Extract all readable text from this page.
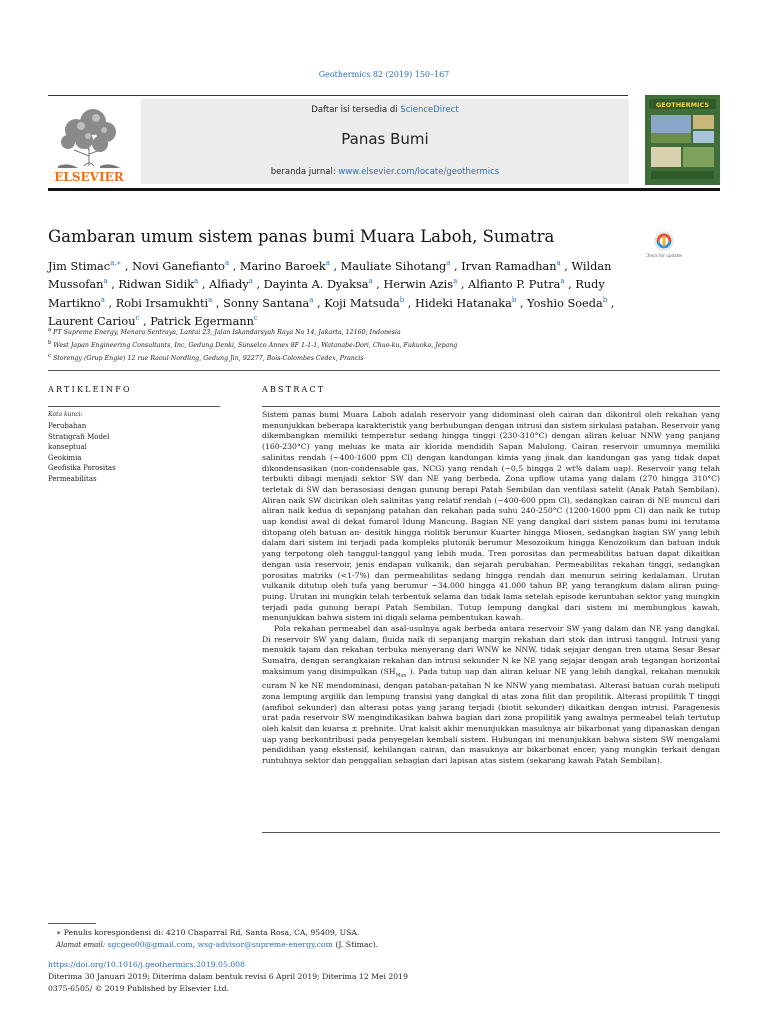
Geothermics 82 (2019) 150–167
ELSEVIER
Daftar isi tersedia di ScienceDirect
Panas Bumi
beranda jurnal: www.elsevier.com/locate/geothermics
GEOTHERMICS
Gambaran umum sistem panas bumi Muara Laboh, Sumatra
Check for updates
Jim Stimac$^{a,∗}$ , Novi Ganefianto$^a$ , Marino Baroek$^a$ , Mauliate Sihotang$^a$ , Irvan Ramadhan$^a$ , Wildan Mussofan$^a$ , Ridwan Sidik$^a$ , Alfiady$^a$ , Dayinta A. Dyaksa$^a$ , Herwin Azis$^a$ , Alfianto P. Putra$^a$ , Rudy Martikno$^a$ , Robi Irsamukhti$^a$ , Sonny Santana$^a$ , Koji Matsuda$^b$ , Hideki Hatanaka$^b$ , Yoshio Soeda$^b$ , Laurent Cariou$^c$ , Patrick Egermann$^c$
$^a$ PT Supreme Energy, Menara Sentraya, Lantai 23, Jalan Iskandarsyah Raya No 14, Jakarta, 12160, Indonesia
$^b$ West Japan Engineering Consultants, Inc, Gedung Denki, Sunselco Annex 8F 1-1-1, Watanabe-Dori, Chuo-ku, Fukuoka, Jepang
$^c$ Storengy (Grup Engie) 12 rue Raoul Nordling, Gedung Jin, 92277, Bois-Colombes Cedex, Prancis
ARTIKLEINFO	ABSTRACT
Kata kunci:
Perubahan
Stratigrafi Model
konseptual
Geokimia
Geofisika Porositas
Permeabilitas

Sistem panas bumi Muara Laboh adalah reservoir yang didominasi oleh cairan dan dikontrol oleh rekahan yang menunjukkan beberapa karakteristik yang berhubungan dengan intrusi dan sistem sirkulasi patahan. Reservoir yang dikembangkan memiliki temperatur sedang hingga tinggi (230-310°C) dengan aliran keluar NNW yang panjang (160-230°C) yang meluas ke mata air klorida mendidih Sapan Malulong. Cairan reservoir umumnya memiliki salinitas rendah (~400-1600 ppm Cl) dengan kandungan kimia yang jinak dan kandungan gas yang tidak dapat dikondensasikan (non-condensable gas, NCG) yang rendah (~0,5 hingga 2 wt% dalam uap). Reservoir yang telah terbukti dibagi menjadi sektor SW dan NE yang berbeda. Zona upflow utama yang dalam (270 hingga 310°C) terletak di SW dan berasosiasi dengan gunung berapi Patah Sembilan dan ventilasi satelit (Anak Patah Sembilan). Aliran naik SW dicirikan oleh salinitas yang relatif rendah (~400-600 ppm Cl), sedangkan cairan di NE muncul dari aliran naik kedua di sepanjang patahan dan rekahan pada suhu 240-250°C (1200-1600 ppm Cl) dan naik ke tutup uap kondisi awal di dekat fumarol Idung Mancung. Bagian NE yang dangkal dari sistem panas bumi ini terutama ditopang oleh batuan an- desitik hingga riolitik berumur Kuarter hingga Miosen, sedangkan bagian SW yang lebih dalam dari sistem ini terjadi pada kompleks plutonik berumur Mesozoikum hingga Kenozoikum dan batuan induk yang terpotong oleh tanggul-tanggul yang lebih muda. Tren porositas dan permeabilitas batuan dapat dikaitkan dengan usia reservoir, jenis endapan vulkanik, dan sejarah perubahan. Permeabilitas rekahan tinggi, sedangkan porositas matriks (<1-7%) dan permeabilitas sedang hingga rendah dan menurun seiring kedalaman. Urutan vulkanik ditutup oleh tufa yang berumur ~34.000 hingga 41.000 tahun BP, yang terangkum dalam aliran puing-puing. Urutan ini mungkin telah terbentuk selama dan tidak lama setelah episode keruntuhan sektor yang mungkin terjadi pada gunung berapi Patah Sembilan. Tutup lempung dangkal dari sistem ini membungkus kawah, menunjukkan bahwa sistem ini digali selama pembentukan kawah.

Pola rekahan permeabel dan asal-usulnya agak berbeda antara reservoir SW yang dalam dan NE yang dangkal. Di reservoir SW yang dalam, fluida naik di sepanjang margin rekahan dari stok dan intrusi tanggul. Intrusi yang menukik tajam dan rekahan terbuka menyerang dari WNW ke NNW, tidak sejajar dengan tren utama Sesar Besar Sumatra, dengan serangkaian rekahan dan intrusi sekunder N ke NE yang sejajar dengan arah tegangan horizontal maksimum yang disimpulkan ($SH_{Max}$ ). Pada tutup uap dan aliran keluar NE yang lebih dangkal, rekahan menukik curam N ke NE mendominasi, dengan patahan-patahan N ke NNW yang membatasi. Alterasi batuan curah meliputi zona lempung argilik dan lempung transisi yang dangkal di atas zona filit dan propilitik. Alterasi propilitik T tinggi (amfibol sekunder) dan alterasi potas yang jarang terjadi (biotit sekunder) dikaitkan dengan intrusi. Paragenesis urat pada reservoir SW mengindikasikan bahwa bagian dari zona propilitik yang awalnya permeabel telah tertutup oleh kalsit dan kuarsa ± prehnite. Urat kalsit akhir menunjukkan masuknya air bikarbonat yang dipanaskan dengan uap yang berkontribusi pada penyegelan kembali sistem. Hubungan ini menunjukkan bahwa sistem SW mengalami pendidihan yang ekstensif, kehilangan cairan, dan masuknya air bikarbonat encer, yang mungkin terkait dengan runtuhnya sektor dan penggalian sebagian dari lapisan atas sistem (sekarang kawah Patah Sembilan).

∗ Penulis korespondensi di: 4210 Chaparral Rd, Santa Rosa, CA, 95409, USA.
Alamat email: sgcgeo00@gmail.com, wsg-advisor@supreme-energy.com (J. Stimac).
https://doi.org/10.1016/j.geothermics.2019.05.008
Diterima 30 Januari 2019; Diterima dalam bentuk revisi 6 April 2019; Diterima 12 Mei 2019
0375-6505/ © 2019 Published by Elsevier Ltd.
